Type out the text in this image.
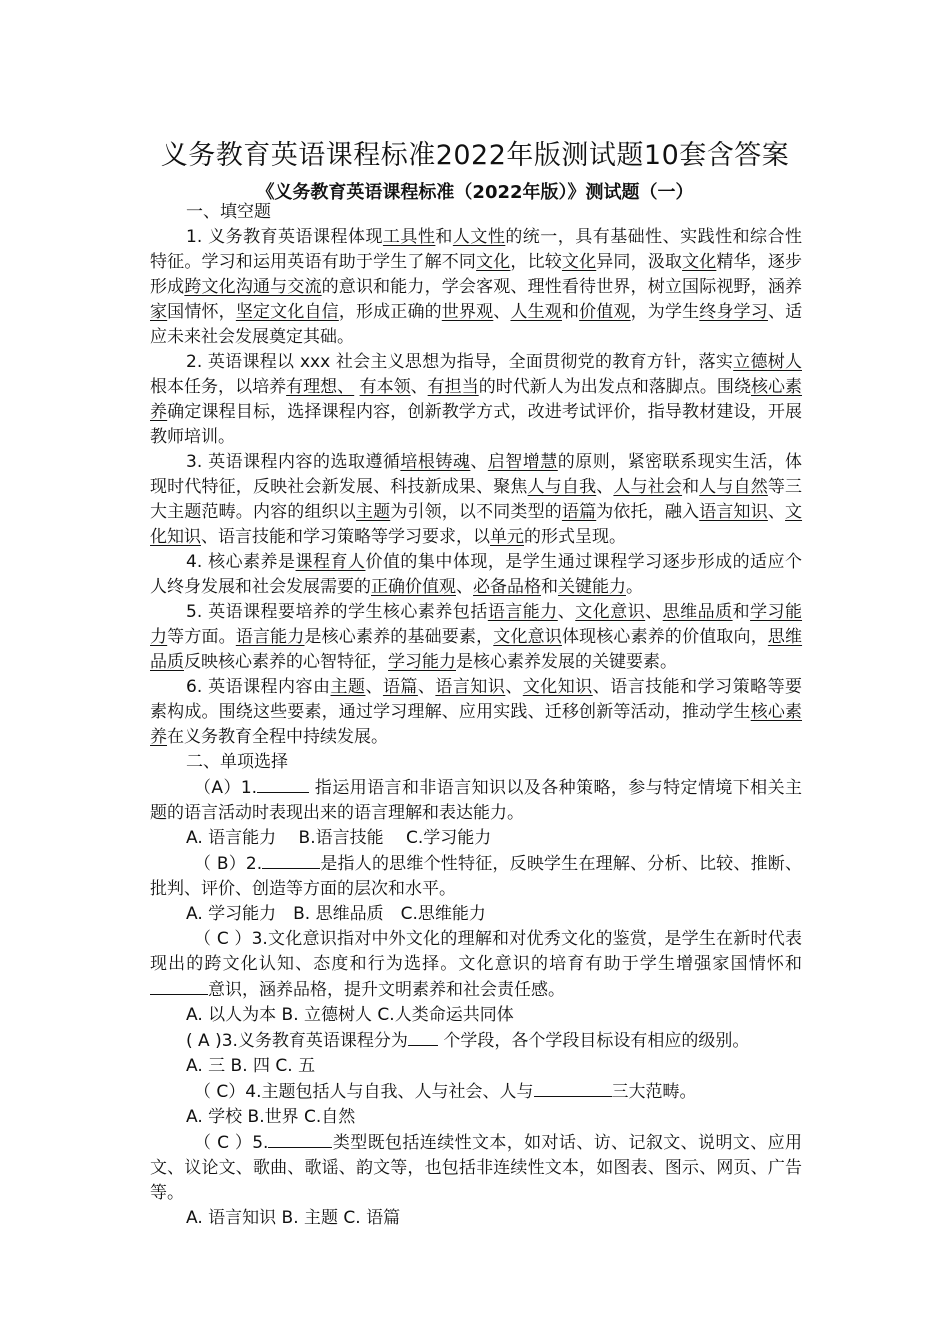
义务教育英语课程标准2022年版测试题10套含答案
《义务教育英语课程标准（2022年版）》测试题（一）

一、填空题

1. 义务教育英语课程体现工具性和人文性的统一，具有基础性、实践性和综合性特征。学习和运用英语有助于学生了解不同文化，比较文化异同，汲取文化精华，逐步形成跨文化沟通与交流的意识和能力，学会客观、理性看待世界，树立国际视野，涵养家国情怀，坚定文化自信，形成正确的世界观、人生观和价值观，为学生终身学习、适应未来社会发展奠定其础。

2. 英语课程以 xxx 社会主义思想为指导，全面贯彻党的教育方针，落实立德树人根本任务，以培养有理想、 有本领、有担当的时代新人为出发点和落脚点。围绕核心素养确定课程目标，选择课程内容，创新教学方式，改进考试评价，指导教材建设，开展教师培训。

3. 英语课程内容的选取遵循培根铸魂、启智增慧的原则，紧密联系现实生活，体现时代特征，反映社会新发展、科技新成果、聚焦人与自我、人与社会和人与自然等三大主题范畴。内容的组织以主题为引领，以不同类型的语篇为依托，融入语言知识、文化知识、语言技能和学习策略等学习要求，以单元的形式呈现。

4. 核心素养是课程育人价值的集中体现，是学生通过课程学习逐步形成的适应个人终身发展和社会发展需要的正确价值观、必备品格和关键能力。

5. 英语课程要培养的学生核心素养包括语言能力、文化意识、思维品质和学习能力等方面。语言能力是核心素养的基础要素，文化意识体现核心素养的价值取向，思维品质反映核心素养的心智特征，学习能力是核心素养发展的关键要素。

6. 英语课程内容由主题、语篇、语言知识、文化知识、语言技能和学习策略等要素构成。围绕这些要素，通过学习理解、应用实践、迁移创新等活动，推动学生核心素养在义务教育全程中持续发展。

二、单项选择

（A）1.	指运用语言和非语言知识以及各种策略，参与特定情境下相关主题的语言活动时表现出来的语言理解和表达能力。

A. 语言能力　 B.语言技能　 C.学习能力

（ B）2.	是指人的思维个性特征，反映学生在理解、分析、比较、推断、批判、评价、创造等方面的层次和水平。

A. 学习能力　B. 思维品质　C.思维能力

（ C ）3.文化意识指对中外文化的理解和对优秀文化的鉴赏，是学生在新时代表现出的跨文化认知、态度和行为选择。文化意识的培育有助于学生增强家国情怀和意识，涵养品格，提升文明素养和社会责任感。

A. 以人为本 B. 立德树人 C.人类命运共同体

( A )3.义务教育英语课程分为 个学段，各个学段目标设有相应的级别。

A. 三 B. 四 C. 五

（ C）4.主题包括人与自我、人与社会、人与	三大范畴。

A. 学校 B.世界 C.自然

（ C ）5.	类型既包括连续性文本，如对话、访、记叙文、说明文、应用文、议论文、歌曲、歌谣、韵文等，也包括非连续性文本，如图表、图示、网页、广告等。

A. 语言知识 B. 主题 C. 语篇
